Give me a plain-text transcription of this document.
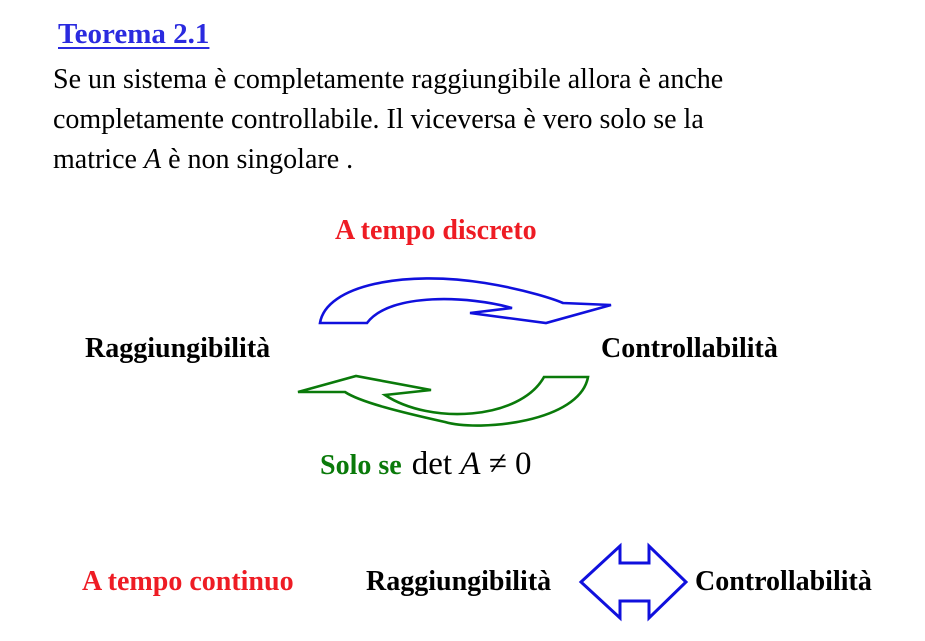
Teorema 2.1
Se un sistema è completamente raggiungibile allora è anche
completamente controllabile. Il viceversa è vero solo se la
matrice A è non singolare .
A tempo discreto
Raggiungibilità	Controllabilità
Solo se det A ≠ 0
A tempo continuo	Raggiungibilità	Controllabilità
